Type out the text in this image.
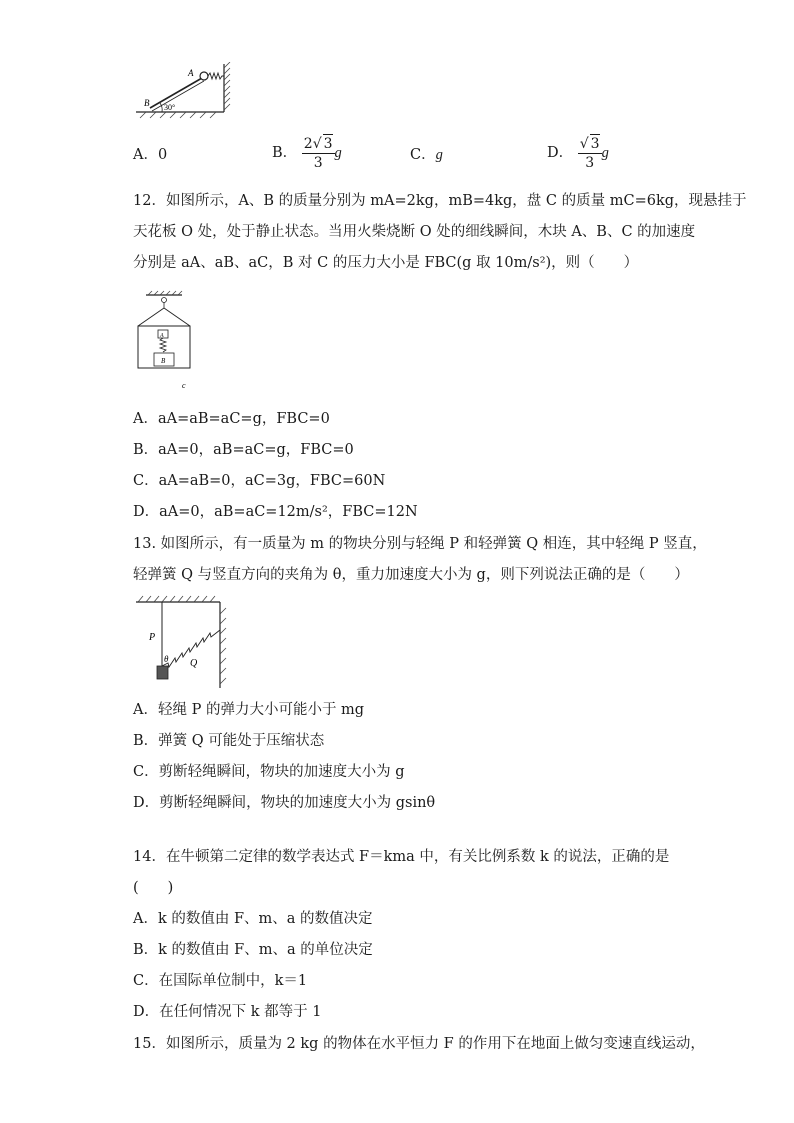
A
B 30°
A．0	B． $\frac{2√ 3}{3}$ g	C．g	D． $\frac{√ 3}{3}$ g
12．如图所示，A、B 的质量分别为 mA=2kg，mB=4kg，盘 C 的质量 mC=6kg，现悬挂于
天花板 O 处，处于静止状态。当用火柴烧断 O 处的细线瞬间，木块 A、B、C 的加速度
分别是 aA、aB、aC，B 对 C 的压力大小是 FBC(g 取 10m/s²)，则（　　）
A
B
c
A．aA=aB=aC=g，FBC=0
B．aA=0，aB=aC=g，FBC=0
C．aA=aB=0，aC=3g，FBC=60N
D．aA=0，aB=aC=12m/s²，FBC=12N
13. 如图所示，有一质量为 m 的物块分别与轻绳 P 和轻弹簧 Q 相连，其中轻绳 P 竖直，
轻弹簧 Q 与竖直方向的夹角为 θ，重力加速度大小为 g，则下列说法正确的是（　　）
P
θ Q
A．轻绳 P 的弹力大小可能小于 mg
B．弹簧 Q 可能处于压缩状态
C．剪断轻绳瞬间，物块的加速度大小为 g
D．剪断轻绳瞬间，物块的加速度大小为 gsinθ
14．在牛顿第二定律的数学表达式 F＝kma 中，有关比例系数 k 的说法，正确的是
(　　)
A．k 的数值由 F、m、a 的数值决定
B．k 的数值由 F、m、a 的单位决定
C．在国际单位制中，k＝1
D．在任何情况下 k 都等于 1
15．如图所示，质量为 2 kg 的物体在水平恒力 F 的作用下在地面上做匀变速直线运动，
